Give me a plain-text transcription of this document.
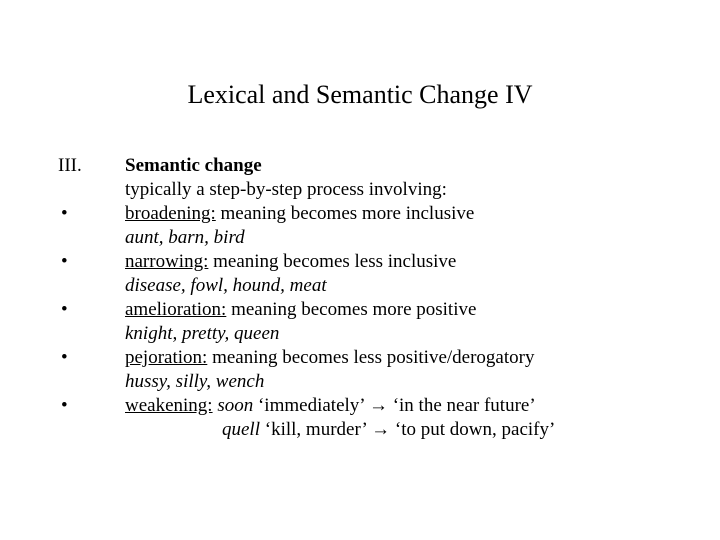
Lexical and Semantic Change IV
III. Semantic change
typically a step-by-step process involving:
•	broadening: meaning becomes more inclusive
aunt, barn, bird
•	narrowing: meaning becomes less inclusive
disease, fowl, hound, meat
•	amelioration: meaning becomes more positive
knight, pretty, queen
•	pejoration: meaning becomes less positive/derogatory
hussy, silly, wench
•	weakening: soon ‘immediately’ → ‘in the near future’
quell ‘kill, murder’ → ‘to put down, pacify’
